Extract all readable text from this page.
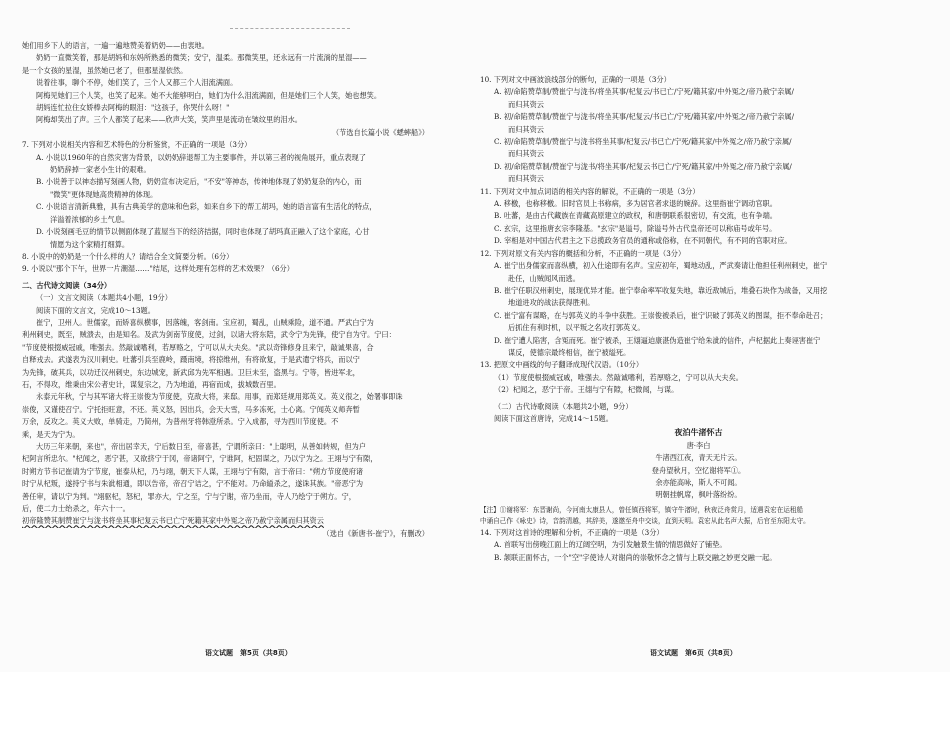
她们用乡下人的语言，一遍一遍地赞美着奶奶——由衷地。
奶奶一直微笑着，那是胡妈和东妈所熟悉的微笑；安宁，温柔。那微笑里，还永远有一片流淌的星湿——
是一个女孩的星湿，虽然她已老了，但那星湿依然。
说着往事，聊个不停，她们笑了，三个人又都三个人泪流满面。
阿梅见她们三个人笑，也笑了起来。她不大能够明白，她们为什么泪流满面，但是她们三个人笑，她也想笑。
胡妈连忙拉住女娇棒去阿梅的眼泪："这孩子，你哭什么呀！"
阿梅却笑出了声。三个人都笑了起来——欣声大笑，笑声里是流动在皱纹里的泪水。
（节选自长篇小说《蟋蟀船》）
7. 下列对小说相关内容和艺术特色的分析鉴赏，不正确的一项是（3分）
A. 小说以1960年的自然灾害为背景，以奶奶辞退帮工为主要事件，并以第三者的视角展开，重点表现了
奶奶辞掉一家老小生计的艰难。
B. 小说善于以神态描写刻画人物，奶奶宣布决定后，"不安"等神态，传神地体现了奶奶复杂的内心，而
"微笑"更体现她高贵精神的体现。
C. 小说语言清新典雅，具有古典美学的意味和色彩，如来自乡下的帮工胡玛，她的语言富有生活化的特点，
洋溢着浓郁的乡土气息。
D. 小说刻画毛豆的情节以侧面体现了蓝屋当下的经济拮据，同时也体现了胡玛真正融入了这个家庭，心甘
情愿为这个家精打细算。
8. 小说中的奶奶是一个什么样的人？请结合全文简要分析。（6分）
9. 小说以"那个下午，世界一片潮湿……"结尾，这样处理有怎样的艺术效果？（6分）
二、古代诗文阅读（34分）
（一）文言文阅读（本题共4小题，19分）
阅读下面的文言文，完成10～13题。
崔宁，卫州人。世儒家，而矫喜纵横事，因落魄，客剑南。宝应初，蜀乱，山贼乘险，道不通。严武白宁为
利州刺史，既至，贼溃去，由是知名。及武为剑南节度使，过剑，以诸大将东陪，武令宁为先锋，使宁自为守。宁曰：
"节度使根掇威冠戚，唯强去。然敲诚嗜利，若厚赂之，宁可以从大夫矣。"武以奇锋修身且来宁，敲诚果喜，合
自释戎去。武遂表为汉川刺史。吐蕃引兵至鹿岭，蹑南境，将掠维州，有将欲复，于是武遣宁将兵，而以宁
为先锋，破其兵，以功迁汉州刺史，东边城宠，新武邱为先军相遇。卫巨未至，盗黑与。宁等，皆进军北，
石，不得攻，维秉由宋公者史计，谋复宗之，乃为地道，再宿而成，拔城数百里。
永泰元年秋，宁与其军诸大将王崇俊为节度使，克敌大将，来邸。用事，而郑廷规用郑英义。英义很之，始署事即诛
崇俊，又谨使召宁。宁托拒旺意，不还。英义怒，因出兵，会天大雪，马多冻死，士心离。宁闻英义师奔暂
万余，反攻之。英义大败，单骑走，乃简州，为普州牙将韩澄所杀。宁入成都，寻为西川节度使。不
乘，是天为宁为。
大历三年来朝，来也"，帝出居幸天，宁后数日至，帝喜甚，宁谓所亲曰："上聪明，从善如转规，但为户
杞阿言所忠尔。"杞闻之，恶宁甚，又欲挤宁于冈，帝诸阿宁，宁谁阿，杞固谋之，乃以宁为之。王翊与宁有隙，
时朔方节书记崔请为宁节度，崔泰从杞，乃与翊，朝天下人谋，王翊与宁有隙，言于帝曰："朔方节度使府诸
时宁从杞叛，遂持宁书与朱泚相通，即以告帝，帝召宁诘之，宁不能对。乃命縊杀之，遂诛其族。"帝恶宁为
善任审，请以宁为判。"翊驱杞，怒杞，罪亦大，宁之至，宁与宁谢，帝乃坐而，寺人乃绘宁于朔方。宁，
后，使二力士绐杀之，年六十一。
初帝隆赞其制赞崔宁与泷书将坐其事杞复云书已亡宁死籍其家中外冤之帝乃赦宁亲属而归其资云
（选自《新唐书·崔宁》，有删改）
10. 下列对文中画波浪线部分的断句，正确的一项是（3分）
A. 初/命陷赞草制/赞崔宁与泷书/将坐其事/杞复云/书已亡/宁死/籍其家/中外冤之/帝乃赦宁亲属/
而归其资云
B. 初/命陷赞草制/赞崔宁与泷书/将坐其事/杞复云/书已亡/宁死/籍其家/中外冤之/帝乃赦宁亲属/
而归其资云
C. 初/命陷赞草制/赞崔宁与泷书将坐其事/杞复云/书已亡/宁死/籍其家/中外冤之/帝乃赦宁亲属/
而归其资云
D. 初/命陷赞草制/赞崔宁与泷书/将坐其事/杞复云书已亡/宁死/籍其家/中外冤之/帝乃赦宁亲属/
而归其资云
11. 下列对文中加点词语的相关内容的解说，不正确的一项是（3分）
A. 移檄，也称移檄。旧时官员上书称病，多为居官者求退的婉辞。这里指崔宁调动官职。
B. 吐蕃，是由古代藏族在青藏高原建立的政权，和唐朝联系很密切，有交流，也有争端。
C. 玄宗，这里指唐玄宗李隆基。"玄宗"是谥号，除谥号外古代皇帝还可以称庙号或年号。
D. 宰相是对中国古代君主之下总揽政务官员的通称或俗称，在不同朝代，有不同的官职对应。
12. 下列对原文有关内容的概括和分析，不正确的一项是（3分）
A. 崔宁出身儒家而喜纵横，初入仕途即有名声。宝应初年，蜀地动乱，严武奏请让他担任利州刺史，崔宁
赴任，山贼闻风而逃。
B. 崔宁任职汉州刺史，展现优异才能。崔宁奉命率军收复失地，靠近敌城后，堆叠石块作为战备，又用挖
地道进攻的战法获得胜利。
C. 崔宁富有谋略，在与郭英义的斗争中获胜。王崇俊被杀后，崔宁识破了郭英义的图谋，拒不奉命赴召；
后抓住有利时机，以平叛之名攻打郭英义。
D. 崔宁遭人陷害，含冤而死。崔宁被杀，王翃逼迫康湛伪造崔宁给朱泚的信件，卢杞据此上奏诬害崔宁
谋反，使德宗最终相信，崔宁被缢死。
13. 把原文中画线的句子翻译成现代汉语。（10分）
（1）节度使根掇威冠戚，唯强去。然敲诚嗜利，若厚赂之，宁可以从大夫矣。
（2）杞闻之，恶宁于帝。王翃与宁有隙，杞微闻，与谋。
（二）古代诗歌阅读（本题共2小题，9分）
阅读下面这首唐诗，完成14～15题。
夜泊牛渚怀古
唐·李白
牛渚西江夜，青天无片云。
登舟望秋月，空忆谢将军①。
余亦能高咏，斯人不可闻。
明朝挂帆席，枫叶落纷纷。
【注】①谢将军：东晋谢尚，今河南太康县人，曾任镇西将军，镇守牛渚时，秋夜泛舟赏月，适遇袁宏在运租船
中诵自己作《咏史》诗，音韵清越，其辞美，遂邀至舟中交谈，直到天明。袁宏从此名声大振，后官至东阳太守。
14. 下列对这首诗的理解和分析，不正确的一项是（3分）
A. 首联写出傍晚江面上的辽阔空明，为引发触景生情的情思做好了铺垫。
B. 颔联正面怀古，一个"空"字使诗人对谢尚的崇敬怀念之情与上联交融之妙更交融一起。
语文试题　第5页（共8页）	语文试题　第6页（共8页）
